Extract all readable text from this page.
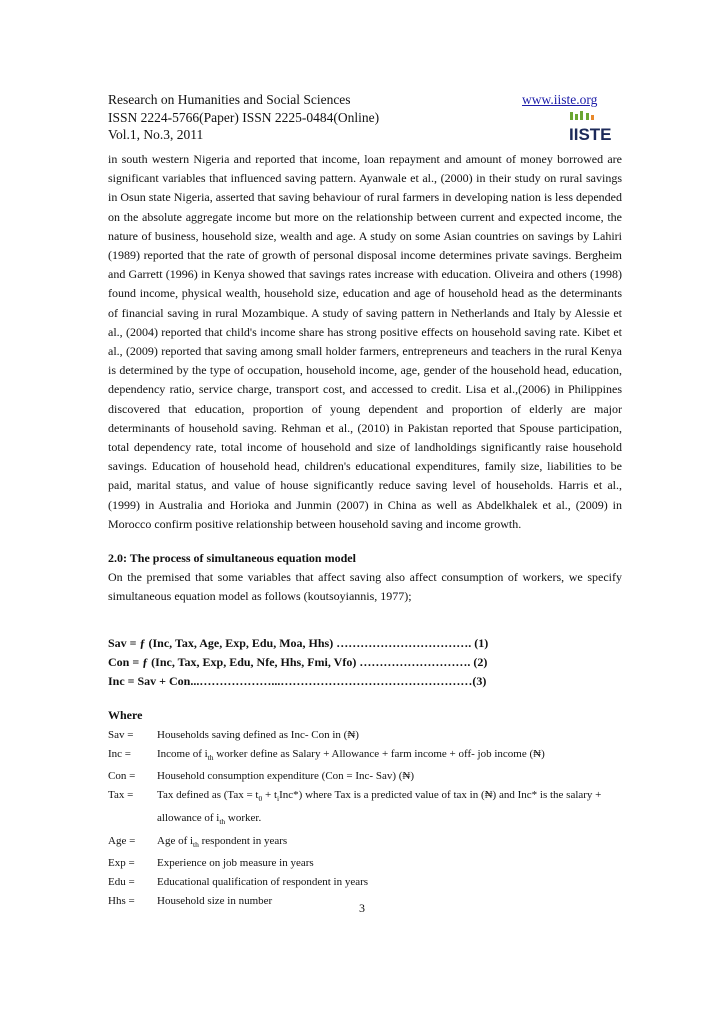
Research on Humanities and Social Sciences
ISSN 2224-5766(Paper) ISSN 2225-0484(Online)
Vol.1, No.3, 2011
www.iiste.org
IISTE

in south western Nigeria and reported that income, loan repayment and amount of money borrowed are significant variables that influenced saving pattern. Ayanwale et al., (2000) in their study on rural savings in Osun state Nigeria, asserted that saving behaviour of rural farmers in developing nation is less depended on the absolute aggregate income but more on the relationship between current and expected income, the nature of business, household size, wealth and age. A study on some Asian countries on savings by Lahiri (1989) reported that the rate of growth of personal disposal income determines private savings. Bergheim and Garrett (1996) in Kenya showed that savings rates increase with education. Oliveira and others (1998) found income, physical wealth, household size, education and age of household head as the determinants of financial saving in rural Mozambique. A study of saving pattern in Netherlands and Italy by Alessie et al., (2004) reported that child's income share has strong positive effects on household saving rate. Kibet et al., (2009) reported that saving among small holder farmers, entrepreneurs and teachers in the rural Kenya is determined by the type of occupation, household income, age, gender of the household head, education, dependency ratio, service charge, transport cost, and accessed to credit. Lisa et al.,(2006) in Philippines discovered that education, proportion of young dependent and proportion of elderly are major determinants of household saving. Rehman et al., (2010) in Pakistan reported that Spouse participation, total dependency rate, total income of household and size of landholdings significantly raise household savings. Education of household head, children's educational expenditures, family size, liabilities to be paid, marital status, and value of house significantly reduce saving level of households. Harris et al., (1999) in Australia and Horioka and Junmin (2007) in China as well as Abdelkhalek et al., (2009) in Morocco confirm positive relationship between household saving and income growth.

2.0: The process of simultaneous equation model
On the premised that some variables that affect saving also affect consumption of workers, we specify simultaneous equation model as follows (koutsoyiannis, 1977);
Sav = ƒ (Inc, Tax, Age, Exp, Edu, Moa, Hhs) ……………………………. (1)
Con = ƒ (Inc, Tax, Exp, Edu, Nfe, Hhs, Fmi, Vfo) ………………………. (2)
Inc = Sav + Con...………………...…………………………………………(3)
Where
Sav =	Households saving defined as Inc- Con in (₦)
Inc =	Income of $i_{th}$ worker define as Salary + Allowance + farm income + off- job income (₦)
Con =	Household consumption expenditure (Con = Inc- Sav) (₦)
Tax =	Tax defined as $(Tax = t_0 + t_iInc*)$ where Tax is a predicted value of tax in (₦) and Inc* is the salary + allowance of $i_{th}$ worker.
Age =	Age of $i_{th}$ respondent in years
Exp =	Experience on job measure in years
Edu =	Educational qualification of respondent in years
Hhs =	Household size in number
3
